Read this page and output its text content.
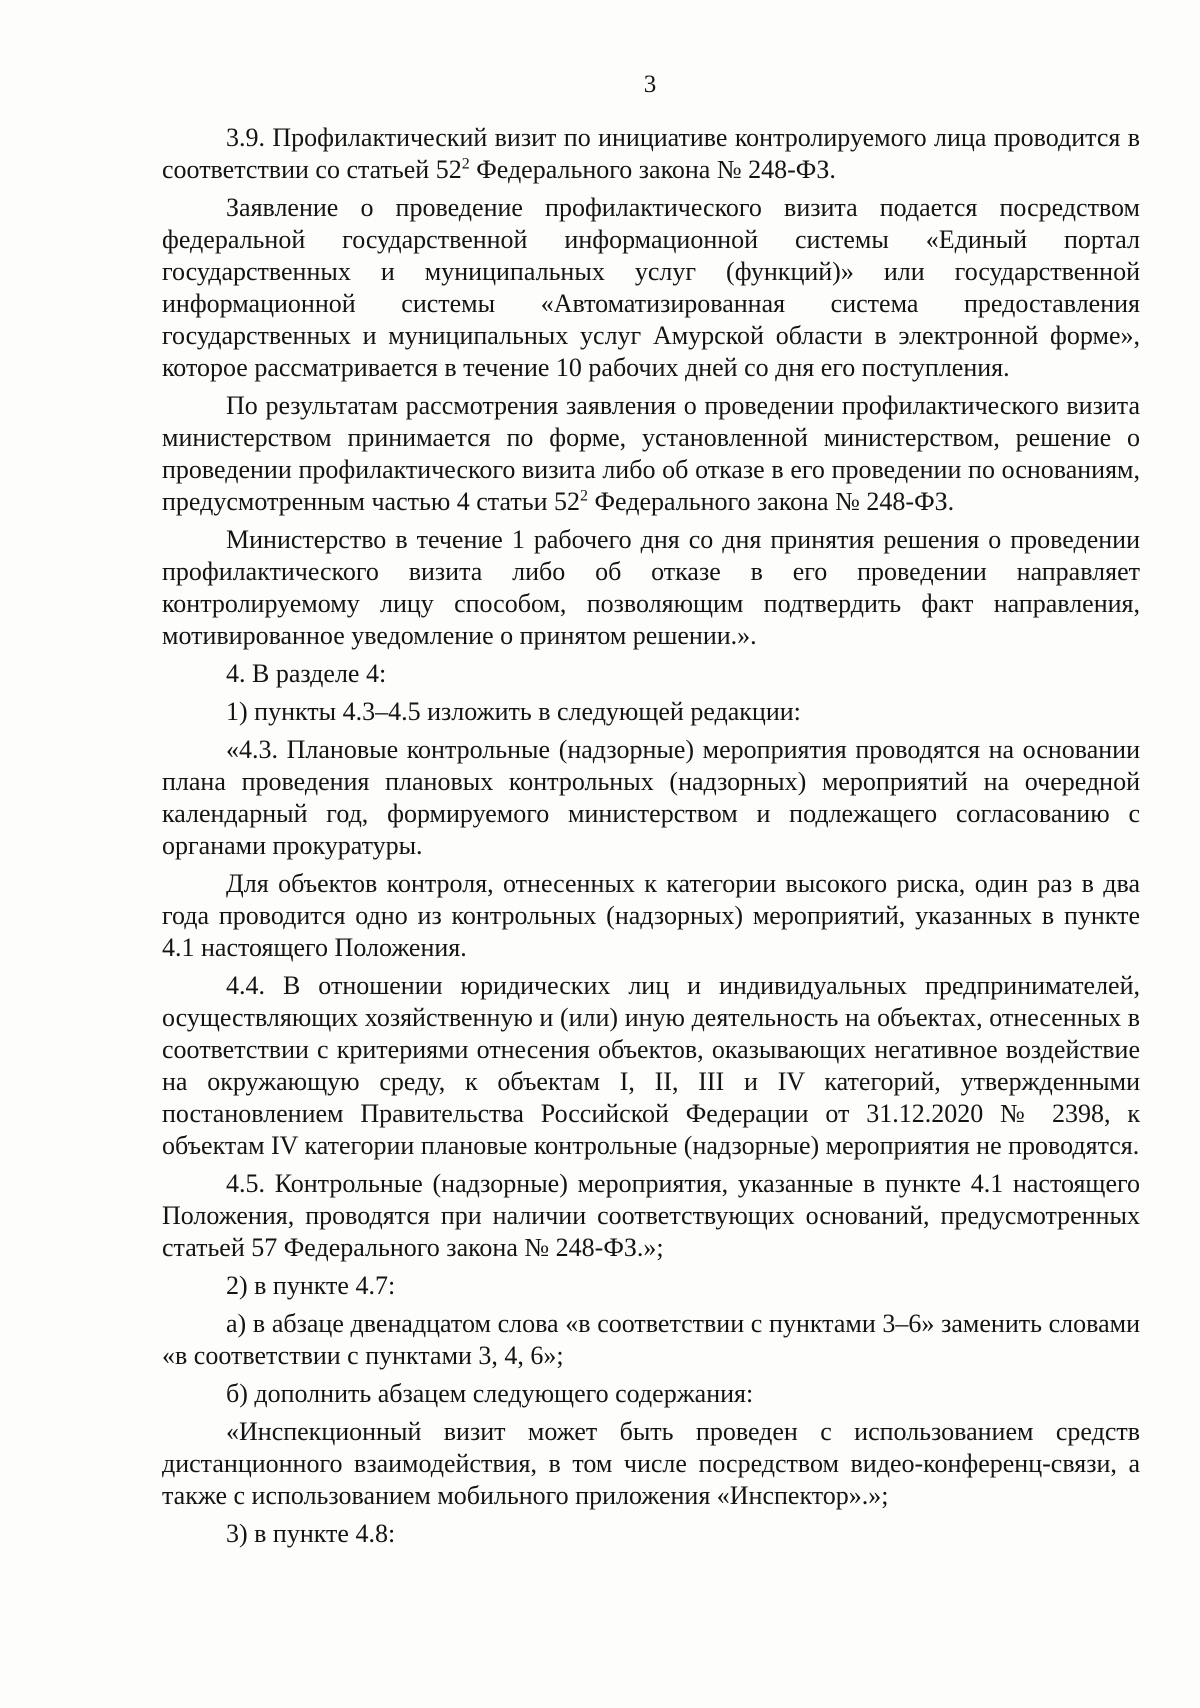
3

3.9. Профилактический визит по инициативе контролируемого лица проводится в соответствии со статьей $52^2$ Федерального закона № 248-ФЗ.

Заявление о проведение профилактического визита подается посредством федеральной государственной информационной системы «Единый портал государственных и муниципальных услуг (функций)» или государственной информационной системы «Автоматизированная система предоставления государственных и муниципальных услуг Амурской области в электронной форме», которое рассматривается в течение 10 рабочих дней со дня его поступления.

По результатам рассмотрения заявления о проведении профилактического визита министерством принимается по форме, установленной министерством, решение о проведении профилактического визита либо об отказе в его проведении по основаниям, предусмотренным частью 4 статьи $52^2$ Федерального закона № 248-ФЗ.

Министерство в течение 1 рабочего дня со дня принятия решения о проведении профилактического визита либо об отказе в его проведении направляет контролируемому лицу способом, позволяющим подтвердить факт направления, мотивированное уведомление о принятом решении.».

4. В разделе 4:

1) пункты 4.3–4.5 изложить в следующей редакции:

«4.3. Плановые контрольные (надзорные) мероприятия проводятся на основании плана проведения плановых контрольных (надзорных) мероприятий на очередной календарный год, формируемого министерством и подлежащего согласованию с органами прокуратуры.

Для объектов контроля, отнесенных к категории высокого риска, один раз в два года проводится одно из контрольных (надзорных) мероприятий, указанных в пункте 4.1 настоящего Положения.

4.4. В отношении юридических лиц и индивидуальных предпринимателей, осуществляющих хозяйственную и (или) иную деятельность на объектах, отнесенных в соответствии с критериями отнесения объектов, оказывающих негативное воздействие на окружающую среду, к объектам I, II, III и IV категорий, утвержденными постановлением Правительства Российской Федерации от 31.12.2020 № 2398, к объектам IV категории плановые контрольные (надзорные) мероприятия не проводятся.

4.5. Контрольные (надзорные) мероприятия, указанные в пункте 4.1 настоящего Положения, проводятся при наличии соответствующих оснований, предусмотренных статьей 57 Федерального закона № 248-ФЗ.»;

2) в пункте 4.7:

а) в абзаце двенадцатом слова «в соответствии с пунктами 3–6» заменить словами «в соответствии с пунктами 3, 4, 6»;

б) дополнить абзацем следующего содержания:

«Инспекционный визит может быть проведен с использованием средств дистанционного взаимодействия, в том числе посредством видео-конференц-связи, а также с использованием мобильного приложения «Инспектор».»;

3) в пункте 4.8:
